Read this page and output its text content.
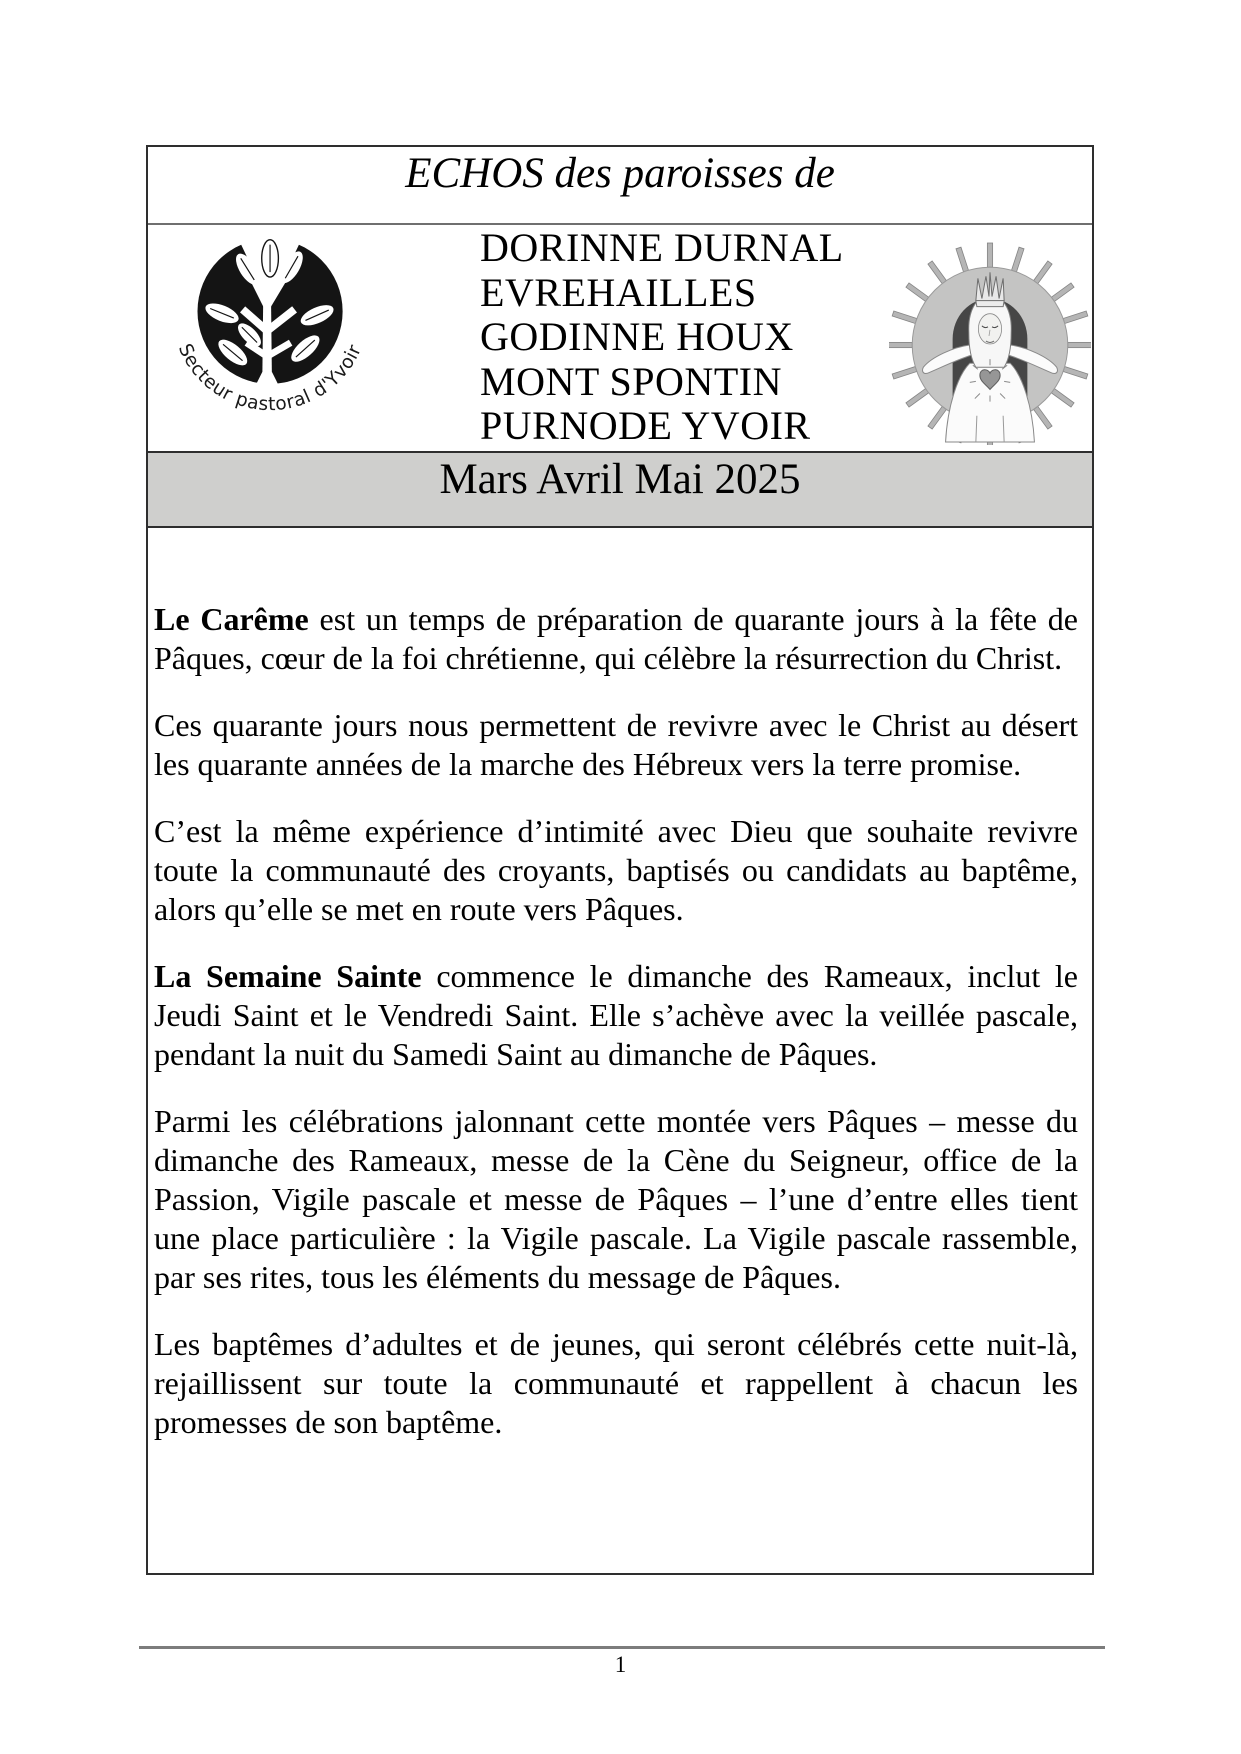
ECHOS des paroisses de
Secteur pastoral d'Yvoir
DORINNE DURNAL
EVREHAILLES
GODINNE HOUX
MONT SPONTIN
PURNODE YVOIR
Mars Avril Mai 2025

Le Carême est un temps de préparation de quarante jours à la fête de Pâques, cœur de la foi chrétienne, qui célèbre la résurrection du Christ.

Ces quarante jours nous permettent de revivre avec le Christ au désert les quarante années de la marche des Hébreux vers la terre promise.

C’est la même expérience d’intimité avec Dieu que souhaite revivre toute la communauté des croyants, baptisés ou candidats au baptême, alors qu’elle se met en route vers Pâques.

La Semaine Sainte commence le dimanche des Rameaux, inclut le Jeudi Saint et le Vendredi Saint. Elle s’achève avec la veillée pascale, pendant la nuit du Samedi Saint au dimanche de Pâques.

Parmi les célébrations jalonnant cette montée vers Pâques – messe du dimanche des Rameaux, messe de la Cène du Seigneur, office de la Passion, Vigile pascale et messe de Pâques – l’une d’entre elles tient une place particulière : la Vigile pascale. La Vigile pascale rassemble, par ses rites, tous les éléments du message de Pâques.

Les baptêmes d’adultes et de jeunes, qui seront célébrés cette nuit-là, rejaillissent sur toute la communauté et rappellent à chacun les promesses de son baptême.

1
